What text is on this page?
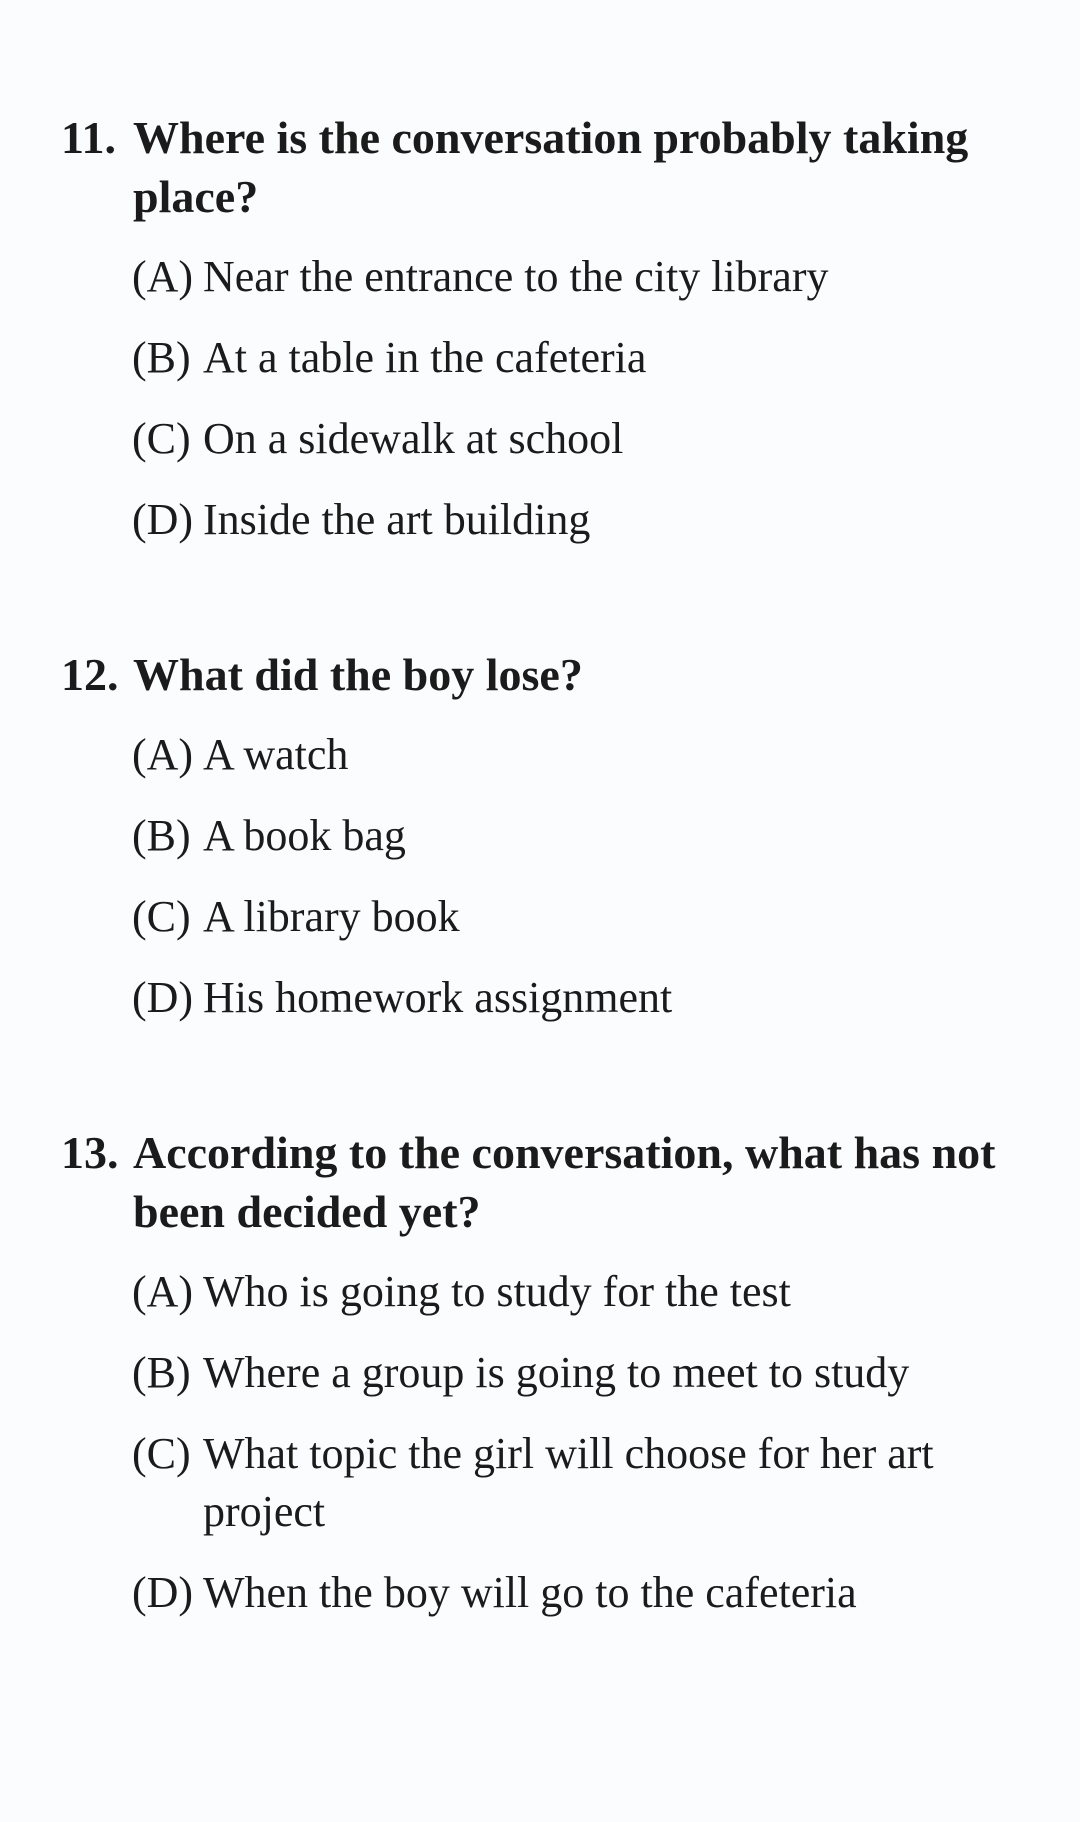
11. Where is the conversation probably taking place?
(A) Near the entrance to the city library
(B) At a table in the cafeteria
(C) On a sidewalk at school
(D) Inside the art building
12. What did the boy lose?
(A) A watch
(B) A book bag
(C) A library book
(D) His homework assignment
13. According to the conversation, what has not been decided yet?
(A) Who is going to study for the test
(B) Where a group is going to meet to study
(C) What topic the girl will choose for her art project
(D) When the boy will go to the cafeteria
